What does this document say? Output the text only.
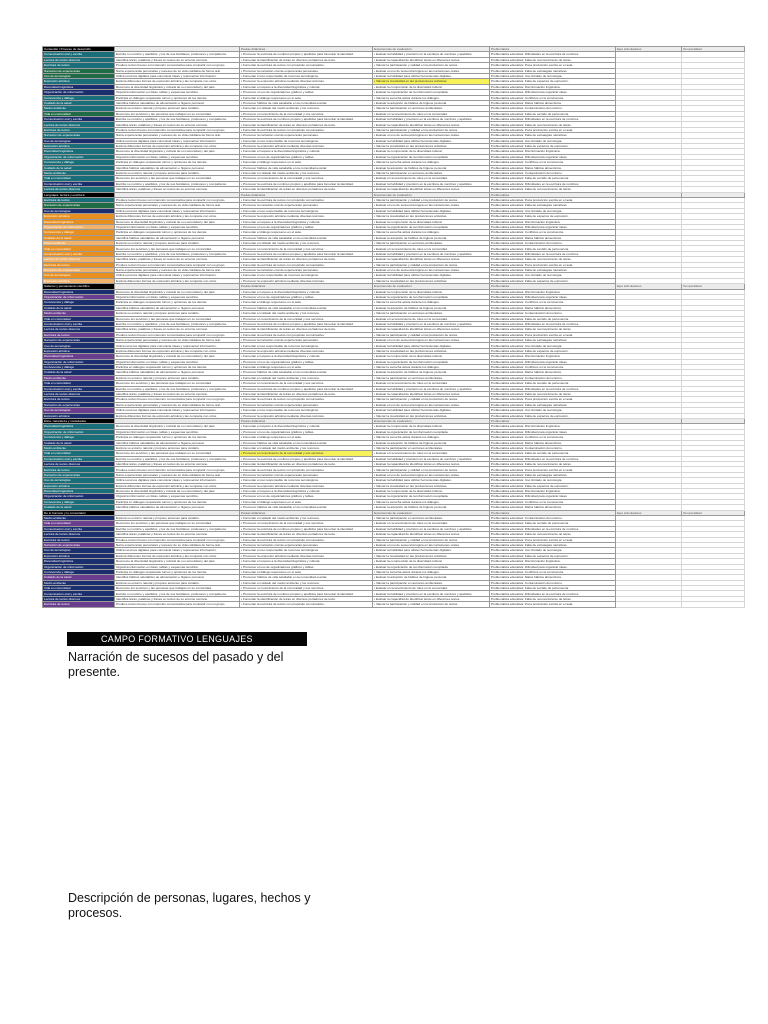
Contenido / Proceso de desarrollo		Pautas didácticas	Experiencias de evaluación	Problemática	Ejes articuladores	Temporalidad
Comunicación oral y escrita	Escribe su nombre y apellidos, y los de sus familiares, profesores y compañeros.	• Promover la escritura de nombres propios y apellidos para fomentar la identidad.	• Evaluar la habilidad y precisión en la escritura de nombres y apellidos.	Problemática educativa: Dificultades en la escritura de nombres.		
Lectura de textos diversos	Identifica letras, palabras y frases en textos de su entorno cercano.	• Fomentar la identificación de letras en diversos portadores de texto.	• Evaluar la capacidad de identificar letras en diferentes textos.	Problemática educativa: Falta de reconocimiento de letras.		
Escritura de textos	Produce textos breves con intención comunicativa para compartir con su grupo.	• Fomentar la escritura de textos con propósito comunicativo.	• Valorar la participación y calidad en la producción de textos.	Problemática educativa: Poca producción escrita en el aula.		
Narración de experiencias	Narra experiencias personales y sucesos de su vida cotidiana de forma oral.	• Promover la narración oral de experiencias personales.	• Evaluar el uso de secuencia lógica en las narraciones orales.	Problemática educativa: Falta de estrategias narrativas.		
Uso de tecnologías	Utiliza recursos digitales para comunicar ideas y representar información.	• Fomentar el uso responsable de recursos tecnológicos.	• Evaluar la habilidad para utilizar herramientas digitales.	Problemática educativa: Uso limitado de tecnología.		
Expresión artística	Explora diferentes formas de expresión artística y las comparte con otros.	• Promover la expresión artística mediante diversas técnicas.	• Valorar la creatividad en las producciones artísticas.	Problemática educativa: Falta de espacios de expresión.		
Diversidad lingüística	Reconoce la diversidad lingüística y cultural de su comunidad y del país.	• Fomentar el respeto a la diversidad lingüística y cultural.	• Evaluar la comprensión de la diversidad cultural.	Problemática educativa: Discriminación lingüística.		
Organización de información	Organiza información en listas, tablas y esquemas sencillos.	• Promover el uso de organizadores gráficos y tablas.	• Evaluar la organización de la información recopilada.	Problemática educativa: Dificultad para organizar ideas.		
Convivencia y diálogo	Participa en diálogos respetando turnos y opiniones de los demás.	• Fomentar el diálogo respetuoso en el aula.	• Valorar la escucha activa durante los diálogos.	Problemática educativa: Conflictos en la convivencia.		
Cuidado de la salud	Identifica hábitos saludables de alimentación e higiene personal.	• Promover hábitos de vida saludable en la comunidad escolar.	• Evaluar la adopción de hábitos de higiene personal.	Problemática educativa: Malos hábitos alimenticios.		
Medio ambiente	Explora su entorno natural y propone acciones para cuidarlo.	• Fomentar el cuidado del medio ambiente y los recursos.	• Valorar la participación en acciones ambientales.	Problemática educativa: Contaminación del entorno.		
Vida en comunidad	Reconoce los servicios y las personas que trabajan en su comunidad.	• Promover el conocimiento de la comunidad y sus servicios.	• Evaluar el reconocimiento de roles en la comunidad.	Problemática educativa: Falta de sentido de pertenencia.		
Comunicación oral y escrita	Escribe su nombre y apellidos, y los de sus familiares, profesores y compañeros.	• Promover la escritura de nombres propios y apellidos para fomentar la identidad.	• Evaluar la habilidad y precisión en la escritura de nombres y apellidos.	Problemática educativa: Dificultades en la escritura de nombres.		
Lectura de textos diversos	Identifica letras, palabras y frases en textos de su entorno cercano.	• Fomentar la identificación de letras en diversos portadores de texto.	• Evaluar la capacidad de identificar letras en diferentes textos.	Problemática educativa: Falta de reconocimiento de letras.		
Escritura de textos	Produce textos breves con intención comunicativa para compartir con su grupo.	• Fomentar la escritura de textos con propósito comunicativo.	• Valorar la participación y calidad en la producción de textos.	Problemática educativa: Poca producción escrita en el aula.		
Narración de experiencias	Narra experiencias personales y sucesos de su vida cotidiana de forma oral.	• Promover la narración oral de experiencias personales.	• Evaluar el uso de secuencia lógica en las narraciones orales.	Problemática educativa: Falta de estrategias narrativas.		
Uso de tecnologías	Utiliza recursos digitales para comunicar ideas y representar información.	• Fomentar el uso responsable de recursos tecnológicos.	• Evaluar la habilidad para utilizar herramientas digitales.	Problemática educativa: Uso limitado de tecnología.		
Expresión artística	Explora diferentes formas de expresión artística y las comparte con otros.	• Promover la expresión artística mediante diversas técnicas.	• Valorar la creatividad en las producciones artísticas.	Problemática educativa: Falta de espacios de expresión.		
Diversidad lingüística	Reconoce la diversidad lingüística y cultural de su comunidad y del país.	• Fomentar el respeto a la diversidad lingüística y cultural.	• Evaluar la comprensión de la diversidad cultural.	Problemática educativa: Discriminación lingüística.		
Organización de información	Organiza información en listas, tablas y esquemas sencillos.	• Promover el uso de organizadores gráficos y tablas.	• Evaluar la organización de la información recopilada.	Problemática educativa: Dificultad para organizar ideas.		
Convivencia y diálogo	Participa en diálogos respetando turnos y opiniones de los demás.	• Fomentar el diálogo respetuoso en el aula.	• Valorar la escucha activa durante los diálogos.	Problemática educativa: Conflictos en la convivencia.		
Cuidado de la salud	Identifica hábitos saludables de alimentación e higiene personal.	• Promover hábitos de vida saludable en la comunidad escolar.	• Evaluar la adopción de hábitos de higiene personal.	Problemática educativa: Malos hábitos alimenticios.		
Medio ambiente	Explora su entorno natural y propone acciones para cuidarlo.	• Fomentar el cuidado del medio ambiente y los recursos.	• Valorar la participación en acciones ambientales.	Problemática educativa: Contaminación del entorno.		
Vida en comunidad	Reconoce los servicios y las personas que trabajan en su comunidad.	• Promover el conocimiento de la comunidad y sus servicios.	• Evaluar el reconocimiento de roles en la comunidad.	Problemática educativa: Falta de sentido de pertenencia.		
Comunicación oral y escrita	Escribe su nombre y apellidos, y los de sus familiares, profesores y compañeros.	• Promover la escritura de nombres propios y apellidos para fomentar la identidad.	• Evaluar la habilidad y precisión en la escritura de nombres y apellidos.	Problemática educativa: Dificultades en la escritura de nombres.		
Lectura de textos diversos	Identifica letras, palabras y frases en textos de su entorno cercano.	• Fomentar la identificación de letras en diversos portadores de texto.	• Evaluar la capacidad de identificar letras en diferentes textos.	Problemática educativa: Falta de reconocimiento de letras.		
Lenguajes: lectura y escritura		Pautas didácticas	Experiencias de evaluación	Problemática		
Escritura de textos	Produce textos breves con intención comunicativa para compartir con su grupo.	• Fomentar la escritura de textos con propósito comunicativo.	• Valorar la participación y calidad en la producción de textos.	Problemática educativa: Poca producción escrita en el aula.		
Narración de experiencias	Narra experiencias personales y sucesos de su vida cotidiana de forma oral.	• Promover la narración oral de experiencias personales.	• Evaluar el uso de secuencia lógica en las narraciones orales.	Problemática educativa: Falta de estrategias narrativas.		
Uso de tecnologías	Utiliza recursos digitales para comunicar ideas y representar información.	• Fomentar el uso responsable de recursos tecnológicos.	• Evaluar la habilidad para utilizar herramientas digitales.	Problemática educativa: Uso limitado de tecnología.		
Expresión artística	Explora diferentes formas de expresión artística y las comparte con otros.	• Promover la expresión artística mediante diversas técnicas.	• Valorar la creatividad en las producciones artísticas.	Problemática educativa: Falta de espacios de expresión.		
Diversidad lingüística	Reconoce la diversidad lingüística y cultural de su comunidad y del país.	• Fomentar el respeto a la diversidad lingüística y cultural.	• Evaluar la comprensión de la diversidad cultural.	Problemática educativa: Discriminación lingüística.		
Organización de información	Organiza información en listas, tablas y esquemas sencillos.	• Promover el uso de organizadores gráficos y tablas.	• Evaluar la organización de la información recopilada.	Problemática educativa: Dificultad para organizar ideas.		
Convivencia y diálogo	Participa en diálogos respetando turnos y opiniones de los demás.	• Fomentar el diálogo respetuoso en el aula.	• Valorar la escucha activa durante los diálogos.	Problemática educativa: Conflictos en la convivencia.		
Cuidado de la salud	Identifica hábitos saludables de alimentación e higiene personal.	• Promover hábitos de vida saludable en la comunidad escolar.	• Evaluar la adopción de hábitos de higiene personal.	Problemática educativa: Malos hábitos alimenticios.		
Medio ambiente	Explora su entorno natural y propone acciones para cuidarlo.	• Fomentar el cuidado del medio ambiente y los recursos.	• Valorar la participación en acciones ambientales.	Problemática educativa: Contaminación del entorno.		
Vida en comunidad	Reconoce los servicios y las personas que trabajan en su comunidad.	• Promover el conocimiento de la comunidad y sus servicios.	• Evaluar el reconocimiento de roles en la comunidad.	Problemática educativa: Falta de sentido de pertenencia.		
Comunicación oral y escrita	Escribe su nombre y apellidos, y los de sus familiares, profesores y compañeros.	• Promover la escritura de nombres propios y apellidos para fomentar la identidad.	• Evaluar la habilidad y precisión en la escritura de nombres y apellidos.	Problemática educativa: Dificultades en la escritura de nombres.		
Lectura de textos diversos	Identifica letras, palabras y frases en textos de su entorno cercano.	• Fomentar la identificación de letras en diversos portadores de texto.	• Evaluar la capacidad de identificar letras en diferentes textos.	Problemática educativa: Falta de reconocimiento de letras.		
Escritura de textos	Produce textos breves con intención comunicativa para compartir con su grupo.	• Fomentar la escritura de textos con propósito comunicativo.	• Valorar la participación y calidad en la producción de textos.	Problemática educativa: Poca producción escrita en el aula.		
Narración de experiencias	Narra experiencias personales y sucesos de su vida cotidiana de forma oral.	• Promover la narración oral de experiencias personales.	• Evaluar el uso de secuencia lógica en las narraciones orales.	Problemática educativa: Falta de estrategias narrativas.		
Uso de tecnologías	Utiliza recursos digitales para comunicar ideas y representar información.	• Fomentar el uso responsable de recursos tecnológicos.	• Evaluar la habilidad para utilizar herramientas digitales.	Problemática educativa: Uso limitado de tecnología.		
Expresión artística	Explora diferentes formas de expresión artística y las comparte con otros.	• Promover la expresión artística mediante diversas técnicas.	• Valorar la creatividad en las producciones artísticas.	Problemática educativa: Falta de espacios de expresión.		
Saberes y pensamiento científico		Pautas didácticas	Experiencias de evaluación	Problemática	Ejes articuladores	Temporalidad
Diversidad lingüística	Reconoce la diversidad lingüística y cultural de su comunidad y del país.	• Fomentar el respeto a la diversidad lingüística y cultural.	• Evaluar la comprensión de la diversidad cultural.	Problemática educativa: Discriminación lingüística.		
Organización de información	Organiza información en listas, tablas y esquemas sencillos.	• Promover el uso de organizadores gráficos y tablas.	• Evaluar la organización de la información recopilada.	Problemática educativa: Dificultad para organizar ideas.		
Convivencia y diálogo	Participa en diálogos respetando turnos y opiniones de los demás.	• Fomentar el diálogo respetuoso en el aula.	• Valorar la escucha activa durante los diálogos.	Problemática educativa: Conflictos en la convivencia.		
Cuidado de la salud	Identifica hábitos saludables de alimentación e higiene personal.	• Promover hábitos de vida saludable en la comunidad escolar.	• Evaluar la adopción de hábitos de higiene personal.	Problemática educativa: Malos hábitos alimenticios.		
Medio ambiente	Explora su entorno natural y propone acciones para cuidarlo.	• Fomentar el cuidado del medio ambiente y los recursos.	• Valorar la participación en acciones ambientales.	Problemática educativa: Contaminación del entorno.		
Vida en comunidad	Reconoce los servicios y las personas que trabajan en su comunidad.	• Promover el conocimiento de la comunidad y sus servicios.	• Evaluar el reconocimiento de roles en la comunidad.	Problemática educativa: Falta de sentido de pertenencia.		
Comunicación oral y escrita	Escribe su nombre y apellidos, y los de sus familiares, profesores y compañeros.	• Promover la escritura de nombres propios y apellidos para fomentar la identidad.	• Evaluar la habilidad y precisión en la escritura de nombres y apellidos.	Problemática educativa: Dificultades en la escritura de nombres.		
Lectura de textos diversos	Identifica letras, palabras y frases en textos de su entorno cercano.	• Fomentar la identificación de letras en diversos portadores de texto.	• Evaluar la capacidad de identificar letras en diferentes textos.	Problemática educativa: Falta de reconocimiento de letras.		
Escritura de textos	Produce textos breves con intención comunicativa para compartir con su grupo.	• Fomentar la escritura de textos con propósito comunicativo.	• Valorar la participación y calidad en la producción de textos.	Problemática educativa: Poca producción escrita en el aula.		
Narración de experiencias	Narra experiencias personales y sucesos de su vida cotidiana de forma oral.	• Promover la narración oral de experiencias personales.	• Evaluar el uso de secuencia lógica en las narraciones orales.	Problemática educativa: Falta de estrategias narrativas.		
Uso de tecnologías	Utiliza recursos digitales para comunicar ideas y representar información.	• Fomentar el uso responsable de recursos tecnológicos.	• Evaluar la habilidad para utilizar herramientas digitales.	Problemática educativa: Uso limitado de tecnología.		
Expresión artística	Explora diferentes formas de expresión artística y las comparte con otros.	• Promover la expresión artística mediante diversas técnicas.	• Valorar la creatividad en las producciones artísticas.	Problemática educativa: Falta de espacios de expresión.		
Diversidad lingüística	Reconoce la diversidad lingüística y cultural de su comunidad y del país.	• Fomentar el respeto a la diversidad lingüística y cultural.	• Evaluar la comprensión de la diversidad cultural.	Problemática educativa: Discriminación lingüística.		
Organización de información	Organiza información en listas, tablas y esquemas sencillos.	• Promover el uso de organizadores gráficos y tablas.	• Evaluar la organización de la información recopilada.	Problemática educativa: Dificultad para organizar ideas.		
Convivencia y diálogo	Participa en diálogos respetando turnos y opiniones de los demás.	• Fomentar el diálogo respetuoso en el aula.	• Valorar la escucha activa durante los diálogos.	Problemática educativa: Conflictos en la convivencia.		
Cuidado de la salud	Identifica hábitos saludables de alimentación e higiene personal.	• Promover hábitos de vida saludable en la comunidad escolar.	• Evaluar la adopción de hábitos de higiene personal.	Problemática educativa: Malos hábitos alimenticios.		
Medio ambiente	Explora su entorno natural y propone acciones para cuidarlo.	• Fomentar el cuidado del medio ambiente y los recursos.	• Valorar la participación en acciones ambientales.	Problemática educativa: Contaminación del entorno.		
Vida en comunidad	Reconoce los servicios y las personas que trabajan en su comunidad.	• Promover el conocimiento de la comunidad y sus servicios.	• Evaluar el reconocimiento de roles en la comunidad.	Problemática educativa: Falta de sentido de pertenencia.		
Comunicación oral y escrita	Escribe su nombre y apellidos, y los de sus familiares, profesores y compañeros.	• Promover la escritura de nombres propios y apellidos para fomentar la identidad.	• Evaluar la habilidad y precisión en la escritura de nombres y apellidos.	Problemática educativa: Dificultades en la escritura de nombres.		
Lectura de textos diversos	Identifica letras, palabras y frases en textos de su entorno cercano.	• Fomentar la identificación de letras en diversos portadores de texto.	• Evaluar la capacidad de identificar letras en diferentes textos.	Problemática educativa: Falta de reconocimiento de letras.		
Escritura de textos	Produce textos breves con intención comunicativa para compartir con su grupo.	• Fomentar la escritura de textos con propósito comunicativo.	• Valorar la participación y calidad en la producción de textos.	Problemática educativa: Poca producción escrita en el aula.		
Narración de experiencias	Narra experiencias personales y sucesos de su vida cotidiana de forma oral.	• Promover la narración oral de experiencias personales.	• Evaluar el uso de secuencia lógica en las narraciones orales.	Problemática educativa: Falta de estrategias narrativas.		
Uso de tecnologías	Utiliza recursos digitales para comunicar ideas y representar información.	• Fomentar el uso responsable de recursos tecnológicos.	• Evaluar la habilidad para utilizar herramientas digitales.	Problemática educativa: Uso limitado de tecnología.		
Expresión artística	Explora diferentes formas de expresión artística y las comparte con otros.	• Promover la expresión artística mediante diversas técnicas.	• Valorar la creatividad en las producciones artísticas.	Problemática educativa: Falta de espacios de expresión.		
Ética, naturaleza y sociedades		Pautas didácticas	Experiencias de evaluación	Problemática		
Diversidad lingüística	Reconoce la diversidad lingüística y cultural de su comunidad y del país.	• Fomentar el respeto a la diversidad lingüística y cultural.	• Evaluar la comprensión de la diversidad cultural.	Problemática educativa: Discriminación lingüística.		
Organización de información	Organiza información en listas, tablas y esquemas sencillos.	• Promover el uso de organizadores gráficos y tablas.	• Evaluar la organización de la información recopilada.	Problemática educativa: Dificultad para organizar ideas.		
Convivencia y diálogo	Participa en diálogos respetando turnos y opiniones de los demás.	• Fomentar el diálogo respetuoso en el aula.	• Valorar la escucha activa durante los diálogos.	Problemática educativa: Conflictos en la convivencia.		
Cuidado de la salud	Identifica hábitos saludables de alimentación e higiene personal.	• Promover hábitos de vida saludable en la comunidad escolar.	• Evaluar la adopción de hábitos de higiene personal.	Problemática educativa: Malos hábitos alimenticios.		
Medio ambiente	Explora su entorno natural y propone acciones para cuidarlo.	• Fomentar el cuidado del medio ambiente y los recursos.	• Valorar la participación en acciones ambientales.	Problemática educativa: Contaminación del entorno.		
Vida en comunidad	Reconoce los servicios y las personas que trabajan en su comunidad.	• Promover el conocimiento de la comunidad y sus servicios.	• Evaluar el reconocimiento de roles en la comunidad.	Problemática educativa: Falta de sentido de pertenencia.		
Comunicación oral y escrita	Escribe su nombre y apellidos, y los de sus familiares, profesores y compañeros.	• Promover la escritura de nombres propios y apellidos para fomentar la identidad.	• Evaluar la habilidad y precisión en la escritura de nombres y apellidos.	Problemática educativa: Dificultades en la escritura de nombres.		
Lectura de textos diversos	Identifica letras, palabras y frases en textos de su entorno cercano.	• Fomentar la identificación de letras en diversos portadores de texto.	• Evaluar la capacidad de identificar letras en diferentes textos.	Problemática educativa: Falta de reconocimiento de letras.		
Escritura de textos	Produce textos breves con intención comunicativa para compartir con su grupo.	• Fomentar la escritura de textos con propósito comunicativo.	• Valorar la participación y calidad en la producción de textos.	Problemática educativa: Poca producción escrita en el aula.		
Narración de experiencias	Narra experiencias personales y sucesos de su vida cotidiana de forma oral.	• Promover la narración oral de experiencias personales.	• Evaluar el uso de secuencia lógica en las narraciones orales.	Problemática educativa: Falta de estrategias narrativas.		
Uso de tecnologías	Utiliza recursos digitales para comunicar ideas y representar información.	• Fomentar el uso responsable de recursos tecnológicos.	• Evaluar la habilidad para utilizar herramientas digitales.	Problemática educativa: Uso limitado de tecnología.		
Expresión artística	Explora diferentes formas de expresión artística y las comparte con otros.	• Promover la expresión artística mediante diversas técnicas.	• Valorar la creatividad en las producciones artísticas.	Problemática educativa: Falta de espacios de expresión.		
Diversidad lingüística	Reconoce la diversidad lingüística y cultural de su comunidad y del país.	• Fomentar el respeto a la diversidad lingüística y cultural.	• Evaluar la comprensión de la diversidad cultural.	Problemática educativa: Discriminación lingüística.		
Organización de información	Organiza información en listas, tablas y esquemas sencillos.	• Promover el uso de organizadores gráficos y tablas.	• Evaluar la organización de la información recopilada.	Problemática educativa: Dificultad para organizar ideas.		
Convivencia y diálogo	Participa en diálogos respetando turnos y opiniones de los demás.	• Fomentar el diálogo respetuoso en el aula.	• Valorar la escucha activa durante los diálogos.	Problemática educativa: Conflictos en la convivencia.		
Cuidado de la salud	Identifica hábitos saludables de alimentación e higiene personal.	• Promover hábitos de vida saludable en la comunidad escolar.	• Evaluar la adopción de hábitos de higiene personal.	Problemática educativa: Malos hábitos alimenticios.		
De lo humano y lo comunitario		Pautas didácticas	Experiencias de evaluación	Problemática	Ejes articuladores	Temporalidad
Medio ambiente	Explora su entorno natural y propone acciones para cuidarlo.	• Fomentar el cuidado del medio ambiente y los recursos.	• Valorar la participación en acciones ambientales.	Problemática educativa: Contaminación del entorno.		
Vida en comunidad	Reconoce los servicios y las personas que trabajan en su comunidad.	• Promover el conocimiento de la comunidad y sus servicios.	• Evaluar el reconocimiento de roles en la comunidad.	Problemática educativa: Falta de sentido de pertenencia.		
Comunicación oral y escrita	Escribe su nombre y apellidos, y los de sus familiares, profesores y compañeros.	• Promover la escritura de nombres propios y apellidos para fomentar la identidad.	• Evaluar la habilidad y precisión en la escritura de nombres y apellidos.	Problemática educativa: Dificultades en la escritura de nombres.		
Lectura de textos diversos	Identifica letras, palabras y frases en textos de su entorno cercano.	• Fomentar la identificación de letras en diversos portadores de texto.	• Evaluar la capacidad de identificar letras en diferentes textos.	Problemática educativa: Falta de reconocimiento de letras.		
Escritura de textos	Produce textos breves con intención comunicativa para compartir con su grupo.	• Fomentar la escritura de textos con propósito comunicativo.	• Valorar la participación y calidad en la producción de textos.	Problemática educativa: Poca producción escrita en el aula.		
Narración de experiencias	Narra experiencias personales y sucesos de su vida cotidiana de forma oral.	• Promover la narración oral de experiencias personales.	• Evaluar el uso de secuencia lógica en las narraciones orales.	Problemática educativa: Falta de estrategias narrativas.		
Uso de tecnologías	Utiliza recursos digitales para comunicar ideas y representar información.	• Fomentar el uso responsable de recursos tecnológicos.	• Evaluar la habilidad para utilizar herramientas digitales.	Problemática educativa: Uso limitado de tecnología.		
Expresión artística	Explora diferentes formas de expresión artística y las comparte con otros.	• Promover la expresión artística mediante diversas técnicas.	• Valorar la creatividad en las producciones artísticas.	Problemática educativa: Falta de espacios de expresión.		
Diversidad lingüística	Reconoce la diversidad lingüística y cultural de su comunidad y del país.	• Fomentar el respeto a la diversidad lingüística y cultural.	• Evaluar la comprensión de la diversidad cultural.	Problemática educativa: Discriminación lingüística.		
Organización de información	Organiza información en listas, tablas y esquemas sencillos.	• Promover el uso de organizadores gráficos y tablas.	• Evaluar la organización de la información recopilada.	Problemática educativa: Dificultad para organizar ideas.		
Convivencia y diálogo	Participa en diálogos respetando turnos y opiniones de los demás.	• Fomentar el diálogo respetuoso en el aula.	• Valorar la escucha activa durante los diálogos.	Problemática educativa: Conflictos en la convivencia.		
Cuidado de la salud	Identifica hábitos saludables de alimentación e higiene personal.	• Promover hábitos de vida saludable en la comunidad escolar.	• Evaluar la adopción de hábitos de higiene personal.	Problemática educativa: Malos hábitos alimenticios.		
Medio ambiente	Explora su entorno natural y propone acciones para cuidarlo.	• Fomentar el cuidado del medio ambiente y los recursos.	• Valorar la participación en acciones ambientales.	Problemática educativa: Contaminación del entorno.		
Vida en comunidad	Reconoce los servicios y las personas que trabajan en su comunidad.	• Promover el conocimiento de la comunidad y sus servicios.	• Evaluar el reconocimiento de roles en la comunidad.	Problemática educativa: Falta de sentido de pertenencia.		
Comunicación oral y escrita	Escribe su nombre y apellidos, y los de sus familiares, profesores y compañeros.	• Promover la escritura de nombres propios y apellidos para fomentar la identidad.	• Evaluar la habilidad y precisión en la escritura de nombres y apellidos.	Problemática educativa: Dificultades en la escritura de nombres.		
Lectura de textos diversos	Identifica letras, palabras y frases en textos de su entorno cercano.	• Fomentar la identificación de letras en diversos portadores de texto.	• Evaluar la capacidad de identificar letras en diferentes textos.	Problemática educativa: Falta de reconocimiento de letras.		
Escritura de textos	Produce textos breves con intención comunicativa para compartir con su grupo.	• Fomentar la escritura de textos con propósito comunicativo.	• Valorar la participación y calidad en la producción de textos.	Problemática educativa: Poca producción escrita en el aula.		
CAMPO FORMATIVO LENGUAJES
Narración de sucesos del pasado y del presente.
Descripción de personas, lugares, hechos y procesos.
